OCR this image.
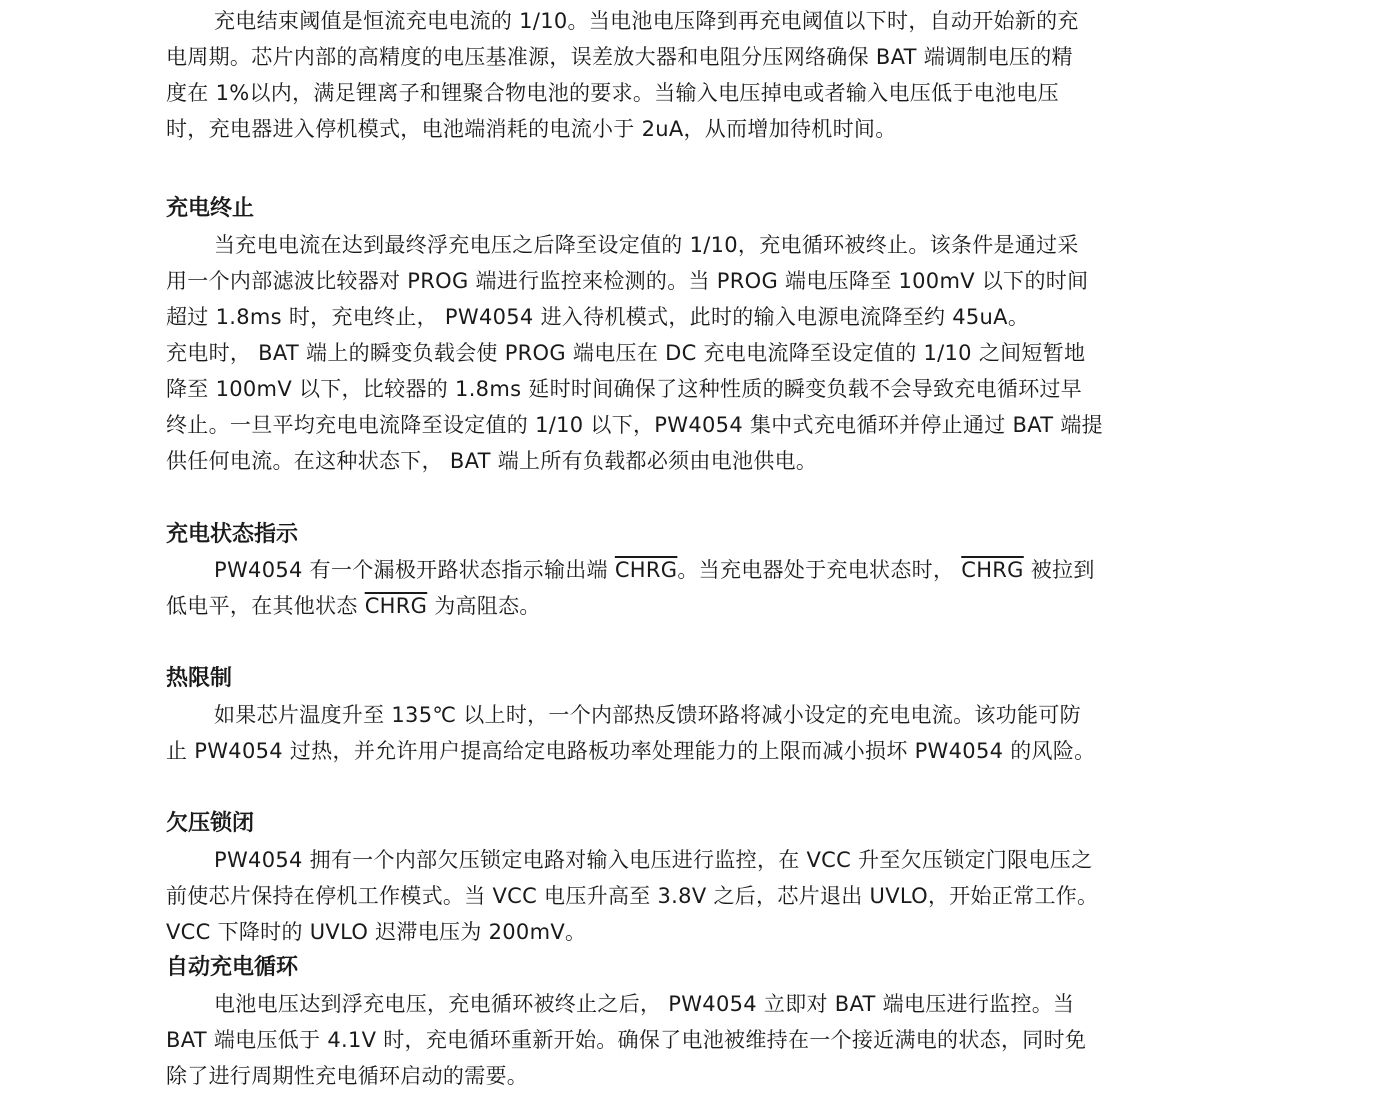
充电结束阈值是恒流充电电流的 1/10。当电池电压降到再充电阈值以下时，自动开始新的充
电周期。芯片内部的高精度的电压基准源，误差放大器和电阻分压网络确保 BAT 端调制电压的精
度在 1%以内，满足锂离子和锂聚合物电池的要求。当输入电压掉电或者输入电压低于电池电压
时，充电器进入停机模式，电池端消耗的电流小于 2uA，从而增加待机时间。
充电终止
当充电电流在达到最终浮充电压之后降至设定值的 1/10，充电循环被终止。该条件是通过采
用一个内部滤波比较器对 PROG 端进行监控来检测的。当 PROG 端电压降至 100mV 以下的时间
超过 1.8ms 时，充电终止， PW4054 进入待机模式，此时的输入电源电流降至约 45uA。
充电时， BAT 端上的瞬变负载会使 PROG 端电压在 DC 充电电流降至设定值的 1/10 之间短暂地
降至 100mV 以下，比较器的 1.8ms 延时时间确保了这种性质的瞬变负载不会导致充电循环过早
终止。一旦平均充电电流降至设定值的 1/10 以下，PW4054 集中式充电循环并停止通过 BAT 端提
供任何电流。在这种状态下， BAT 端上所有负载都必须由电池供电。
充电状态指示
PW4054 有一个漏极开路状态指示输出端 CHRG。当充电器处于充电状态时， CHRG 被拉到
低电平，在其他状态 CHRG 为高阻态。
热限制
如果芯片温度升至 135℃ 以上时，一个内部热反馈环路将减小设定的充电电流。该功能可防
止 PW4054 过热，并允许用户提高给定电路板功率处理能力的上限而减小损坏 PW4054 的风险。
欠压锁闭
PW4054 拥有一个内部欠压锁定电路对输入电压进行监控，在 VCC 升至欠压锁定门限电压之
前使芯片保持在停机工作模式。当 VCC 电压升高至 3.8V 之后，芯片退出 UVLO，开始正常工作。
VCC 下降时的 UVLO 迟滞电压为 200mV。
自动充电循环
电池电压达到浮充电压，充电循环被终止之后， PW4054 立即对 BAT 端电压进行监控。当
BAT 端电压低于 4.1V 时，充电循环重新开始。确保了电池被维持在一个接近满电的状态，同时免
除了进行周期性充电循环启动的需要。
